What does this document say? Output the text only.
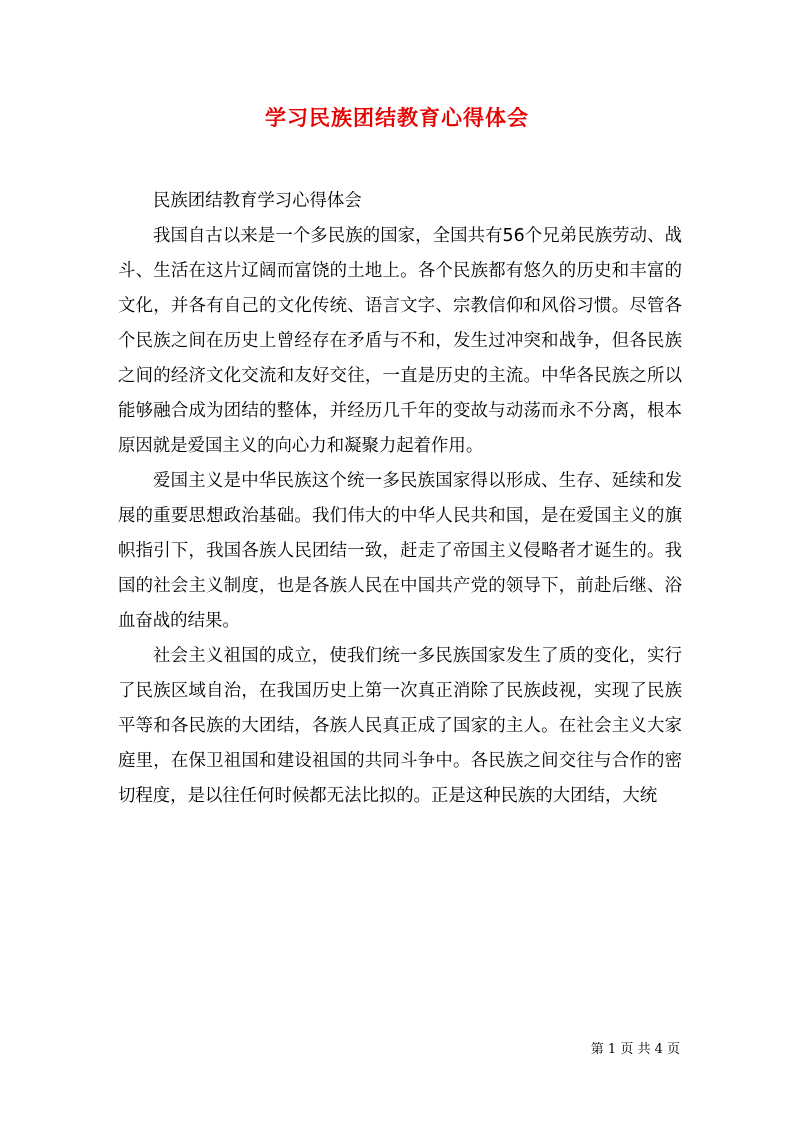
学习民族团结教育心得体会

民族团结教育学习心得体会

我国自古以来是一个多民族的国家，全国共有56个兄弟民族劳动、战斗、生活在这片辽阔而富饶的土地上。各个民族都有悠久的历史和丰富的文化，并各有自己的文化传统、语言文字、宗教信仰和风俗习惯。尽管各个民族之间在历史上曾经存在矛盾与不和，发生过冲突和战争，但各民族之间的经济文化交流和友好交往，一直是历史的主流。中华各民族之所以能够融合成为团结的整体，并经历几千年的变故与动荡而永不分离，根本原因就是爱国主义的向心力和凝聚力起着作用。

爱国主义是中华民族这个统一多民族国家得以形成、生存、延续和发展的重要思想政治基础。我们伟大的中华人民共和国，是在爱国主义的旗帜指引下，我国各族人民团结一致，赶走了帝国主义侵略者才诞生的。我国的社会主义制度，也是各族人民在中国共产党的领导下，前赴后继、浴血奋战的结果。

社会主义祖国的成立，使我们统一多民族国家发生了质的变化，实行了民族区域自治，在我国历史上第一次真正消除了民族歧视，实现了民族平等和各民族的大团结，各族人民真正成了国家的主人。在社会主义大家庭里，在保卫祖国和建设祖国的共同斗争中。各民族之间交往与合作的密切程度，是以往任何时候都无法比拟的。正是这种民族的大团结，大统

第 1 页 共 4 页
